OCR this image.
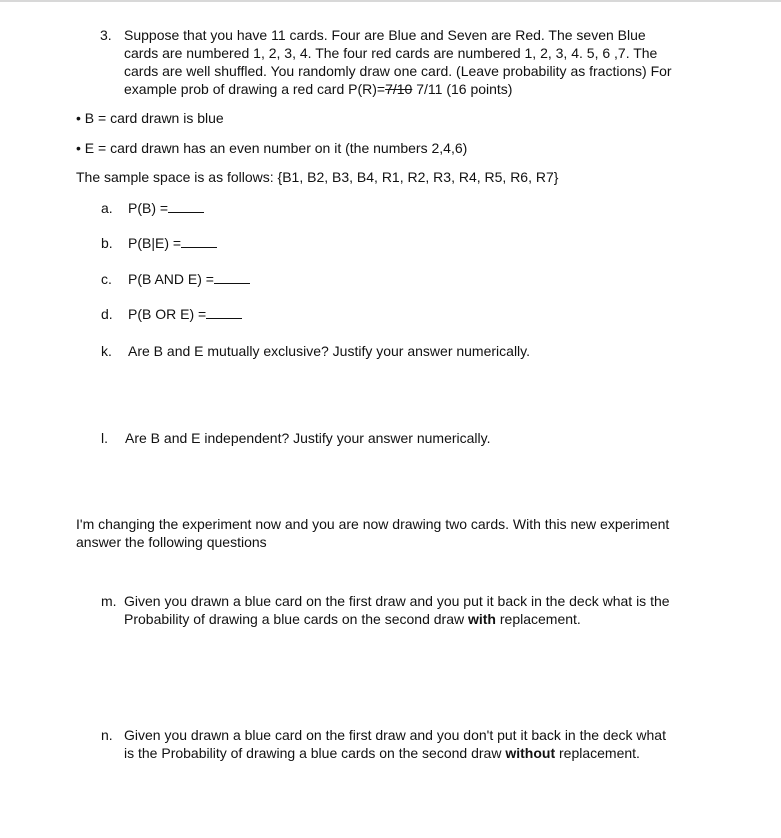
3. Suppose that you have 11 cards. Four are Blue and Seven are Red. The seven Blue
cards are numbered 1, 2, 3, 4. The four red cards are numbered 1, 2, 3, 4. 5, 6 ,7. The
cards are well shuffled. You randomly draw one card. (Leave probability as fractions) For
example prob of drawing a red card P(R)=7/10 7/11 (16 points)
• B = card drawn is blue
• E = card drawn has an even number on it (the numbers 2,4,6)
The sample space is as follows: {B1, B2, B3, B4, R1, R2, R3, R4, R5, R6, R7}
a. P(B) =
b. P(B|E) =
c. P(B AND E) =
d. P(B OR E) =
k. Are B and E mutually exclusive? Justify your answer numerically.
l. Are B and E independent? Justify your answer numerically.
I'm changing the experiment now and you are now drawing two cards. With this new experiment
answer the following questions
m. Given you drawn a blue card on the first draw and you put it back in the deck what is the
Probability of drawing a blue cards on the second draw with replacement.
n. Given you drawn a blue card on the first draw and you don't put it back in the deck what
is the Probability of drawing a blue cards on the second draw without replacement.
